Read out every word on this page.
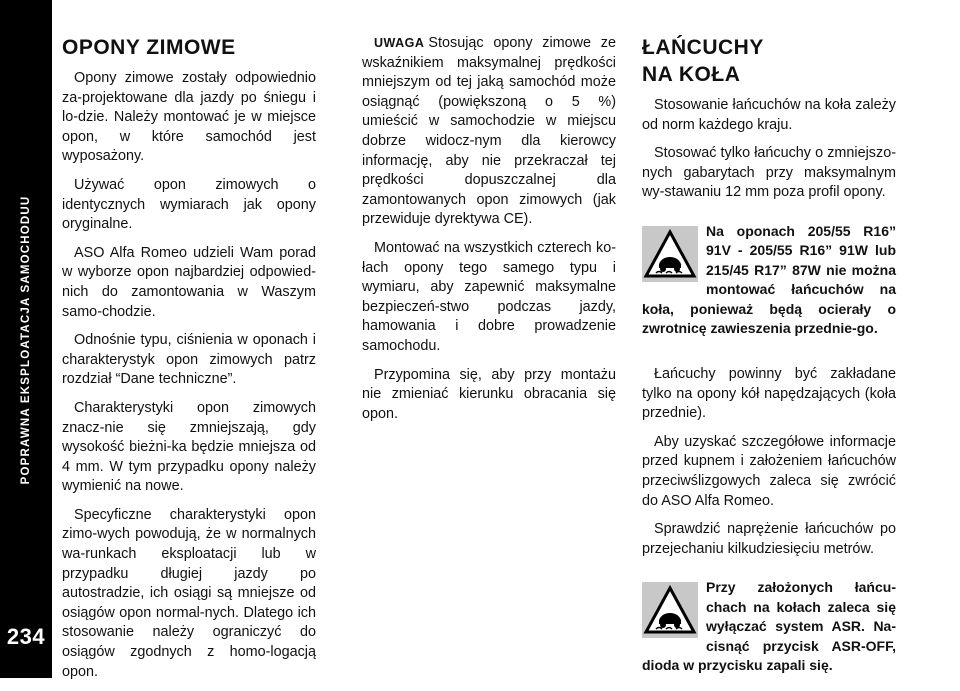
POPRAWNA EKSPLOATACJA SAMOCHODUU
234
OPONY ZIMOWE

Opony zimowe zostały odpowiednio za-projektowane dla jazdy po śniegu i lo-dzie. Należy montować je w miejsce opon, w które samochód jest wyposażony.

Używać opon zimowych o identycznych wymiarach jak opony oryginalne.

ASO Alfa Romeo udzieli Wam porad w wyborze opon najbardziej odpowied-nich do zamontowania w Waszym samo-chodzie.

Odnośnie typu, ciśnienia w oponach i charakterystyk opon zimowych patrz rozdział “Dane techniczne”.

Charakterystyki opon zimowych znacz-nie się zmniejszają, gdy wysokość bieżni-ka będzie mniejsza od 4 mm. W tym przypadku opony należy wymienić na nowe.

Specyficzne charakterystyki opon zimo-wych powodują, że w normalnych wa-runkach eksploatacji lub w przypadku długiej jazdy po autostradzie, ich osiągi są mniejsze od osiągów opon normal-nych. Dlatego ich stosowanie należy ograniczyć do osiągów zgodnych z homo-logacją opon.

UWAGA Stosując opony zimowe ze wskaźnikiem maksymalnej prędkości mniejszym od tej jaką samochód może osiągnąć (powiększoną o 5 %) umieścić w samochodzie w miejscu dobrze widocz-nym dla kierowcy informację, aby nie przekraczał tej prędkości dopuszczalnej dla zamontowanych opon zimowych (jak przewiduje dyrektywa CE).

Montować na wszystkich czterech ko-łach opony tego samego typu i wymiaru, aby zapewnić maksymalne bezpieczeń-stwo podczas jazdy, hamowania i dobre prowadzenie samochodu.

Przypomina się, aby przy montażu nie zmieniać kierunku obracania się opon.

ŁAŃCUCHY
NA KOŁA

Stosowanie łańcuchów na koła zależy od norm każdego kraju.

Stosować tylko łańcuchy o zmniejszo-nych gabarytach przy maksymalnym wy-stawaniu 12 mm poza profil opony.

Na oponach 205/55 R16” 91V - 205/55 R16” 91W lub 215/45 R17” 87W nie można montować łańcuchów na koła, ponieważ będą ocierały o zwrotnicę zawieszenia przednie-go.

Łańcuchy powinny być zakładane tylko na opony kół napędzających (koła przednie).

Aby uzyskać szczegółowe informacje przed kupnem i założeniem łańcuchów przeciwślizgowych zaleca się zwrócić do ASO Alfa Romeo.

Sprawdzić naprężenie łańcuchów po przejechaniu kilkudziesięciu metrów.

Przy założonych łańcu-chach na kołach zaleca się wyłączać system ASR. Na-cisnąć przycisk ASR-OFF, dioda w przycisku zapali się.
